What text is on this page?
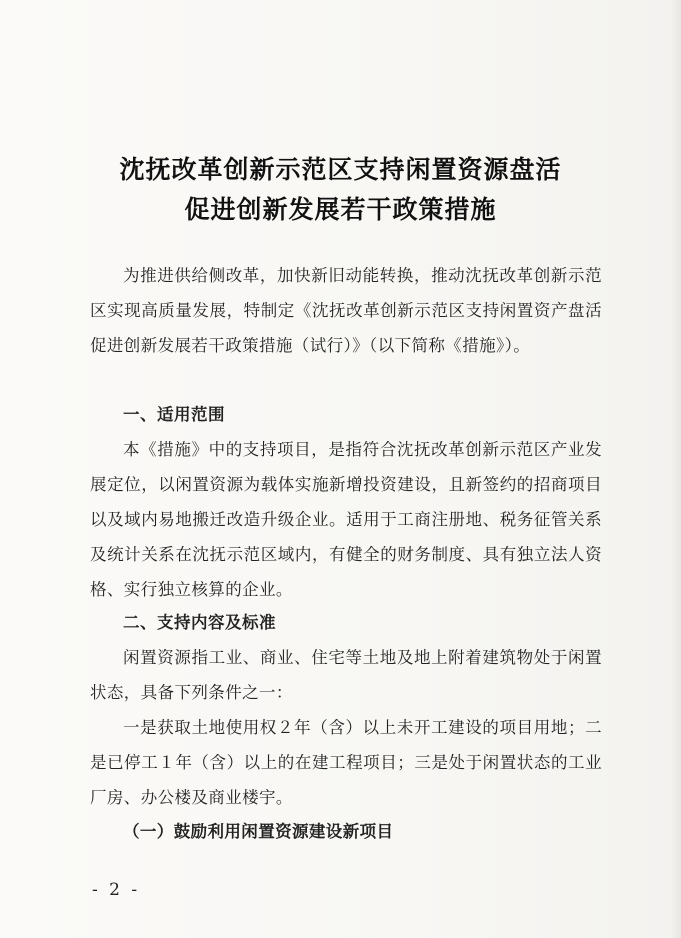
沈抚改革创新示范区支持闲置资源盘活
促进创新发展若干政策措施

为推进供给侧改革，加快新旧动能转换，推动沈抚改革创新示范区实现高质量发展，特制定《沈抚改革创新示范区支持闲置资产盘活促进创新发展若干政策措施（试行）》（以下简称《措施》）。

一、适用范围

本《措施》中的支持项目，是指符合沈抚改革创新示范区产业发展定位，以闲置资源为载体实施新增投资建设，且新签约的招商项目以及域内易地搬迁改造升级企业。适用于工商注册地、税务征管关系及统计关系在沈抚示范区域内，有健全的财务制度、具有独立法人资格、实行独立核算的企业。

二、支持内容及标准

闲置资源指工业、商业、住宅等土地及地上附着建筑物处于闲置状态，具备下列条件之一：

一是获取土地使用权２年（含）以上未开工建设的项目用地；二是已停工１年（含）以上的在建工程项目；三是处于闲置状态的工业厂房、办公楼及商业楼宇。

（一）鼓励利用闲置资源建设新项目

- 2 -
